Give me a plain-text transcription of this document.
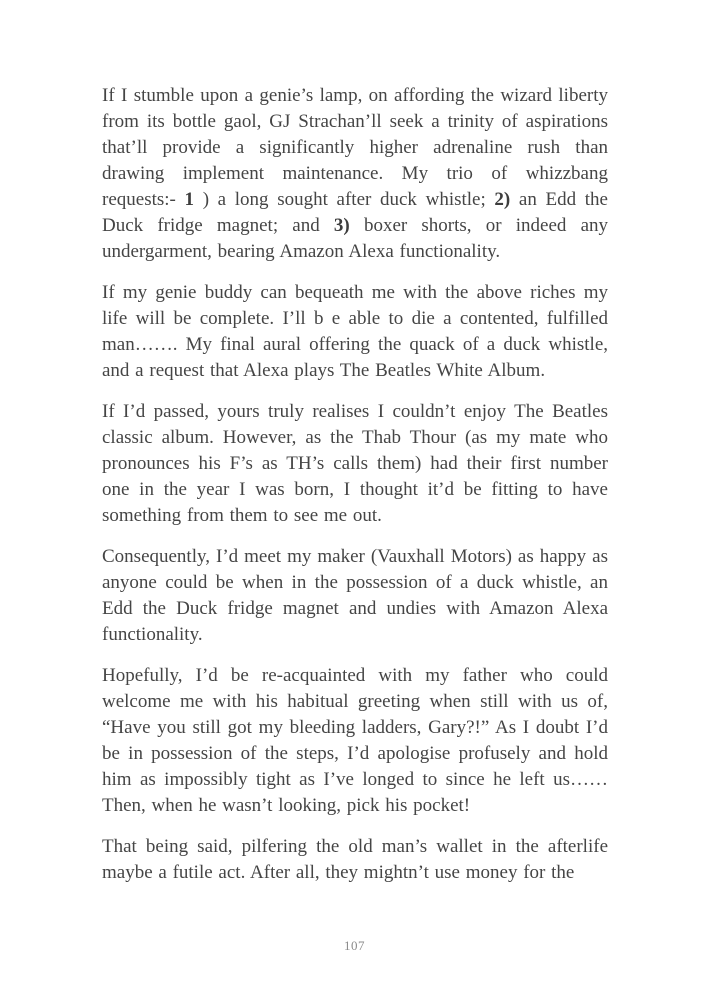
If I stumble upon a genie’s lamp, on affording the wizard liberty from its bottle gaol, GJ Strachan’ll seek a trinity of aspirations that’ll provide a significantly higher adrenaline rush than drawing implement maintenance. My trio of whizzbang requests:- 1 ) a long sought after duck whistle; 2) an Edd the Duck fridge magnet; and 3) boxer shorts, or indeed any undergarment, bearing Amazon Alexa functionality.

If my genie buddy can bequeath me with the above riches my life will be complete. I’ll b e able to die a contented, fulfilled man……. My final aural offering the quack of a duck whistle, and a request that Alexa plays The Beatles White Album.

If I’d passed, yours truly realises I couldn’t enjoy The Beatles classic album. However, as the Thab Thour (as my mate who pronounces his F’s as TH’s calls them) had their first number one in the year I was born, I thought it’d be fitting to have something from them to see me out.

Consequently, I’d meet my maker (Vauxhall Motors) as happy as anyone could be when in the possession of a duck whistle, an Edd the Duck fridge magnet and undies with Amazon Alexa functionality.

Hopefully, I’d be re-acquainted with my father who could welcome me with his habitual greeting when still with us of, “Have you still got my bleeding ladders, Gary?!” As I doubt I’d be in possession of the steps, I’d apologise profusely and hold him as impossibly tight as I’ve longed to since he left us…… Then, when he wasn’t looking, pick his pocket!

That being said, pilfering the old man’s wallet in the afterlife maybe a futile act. After all, they mightn’t use money for the

107
